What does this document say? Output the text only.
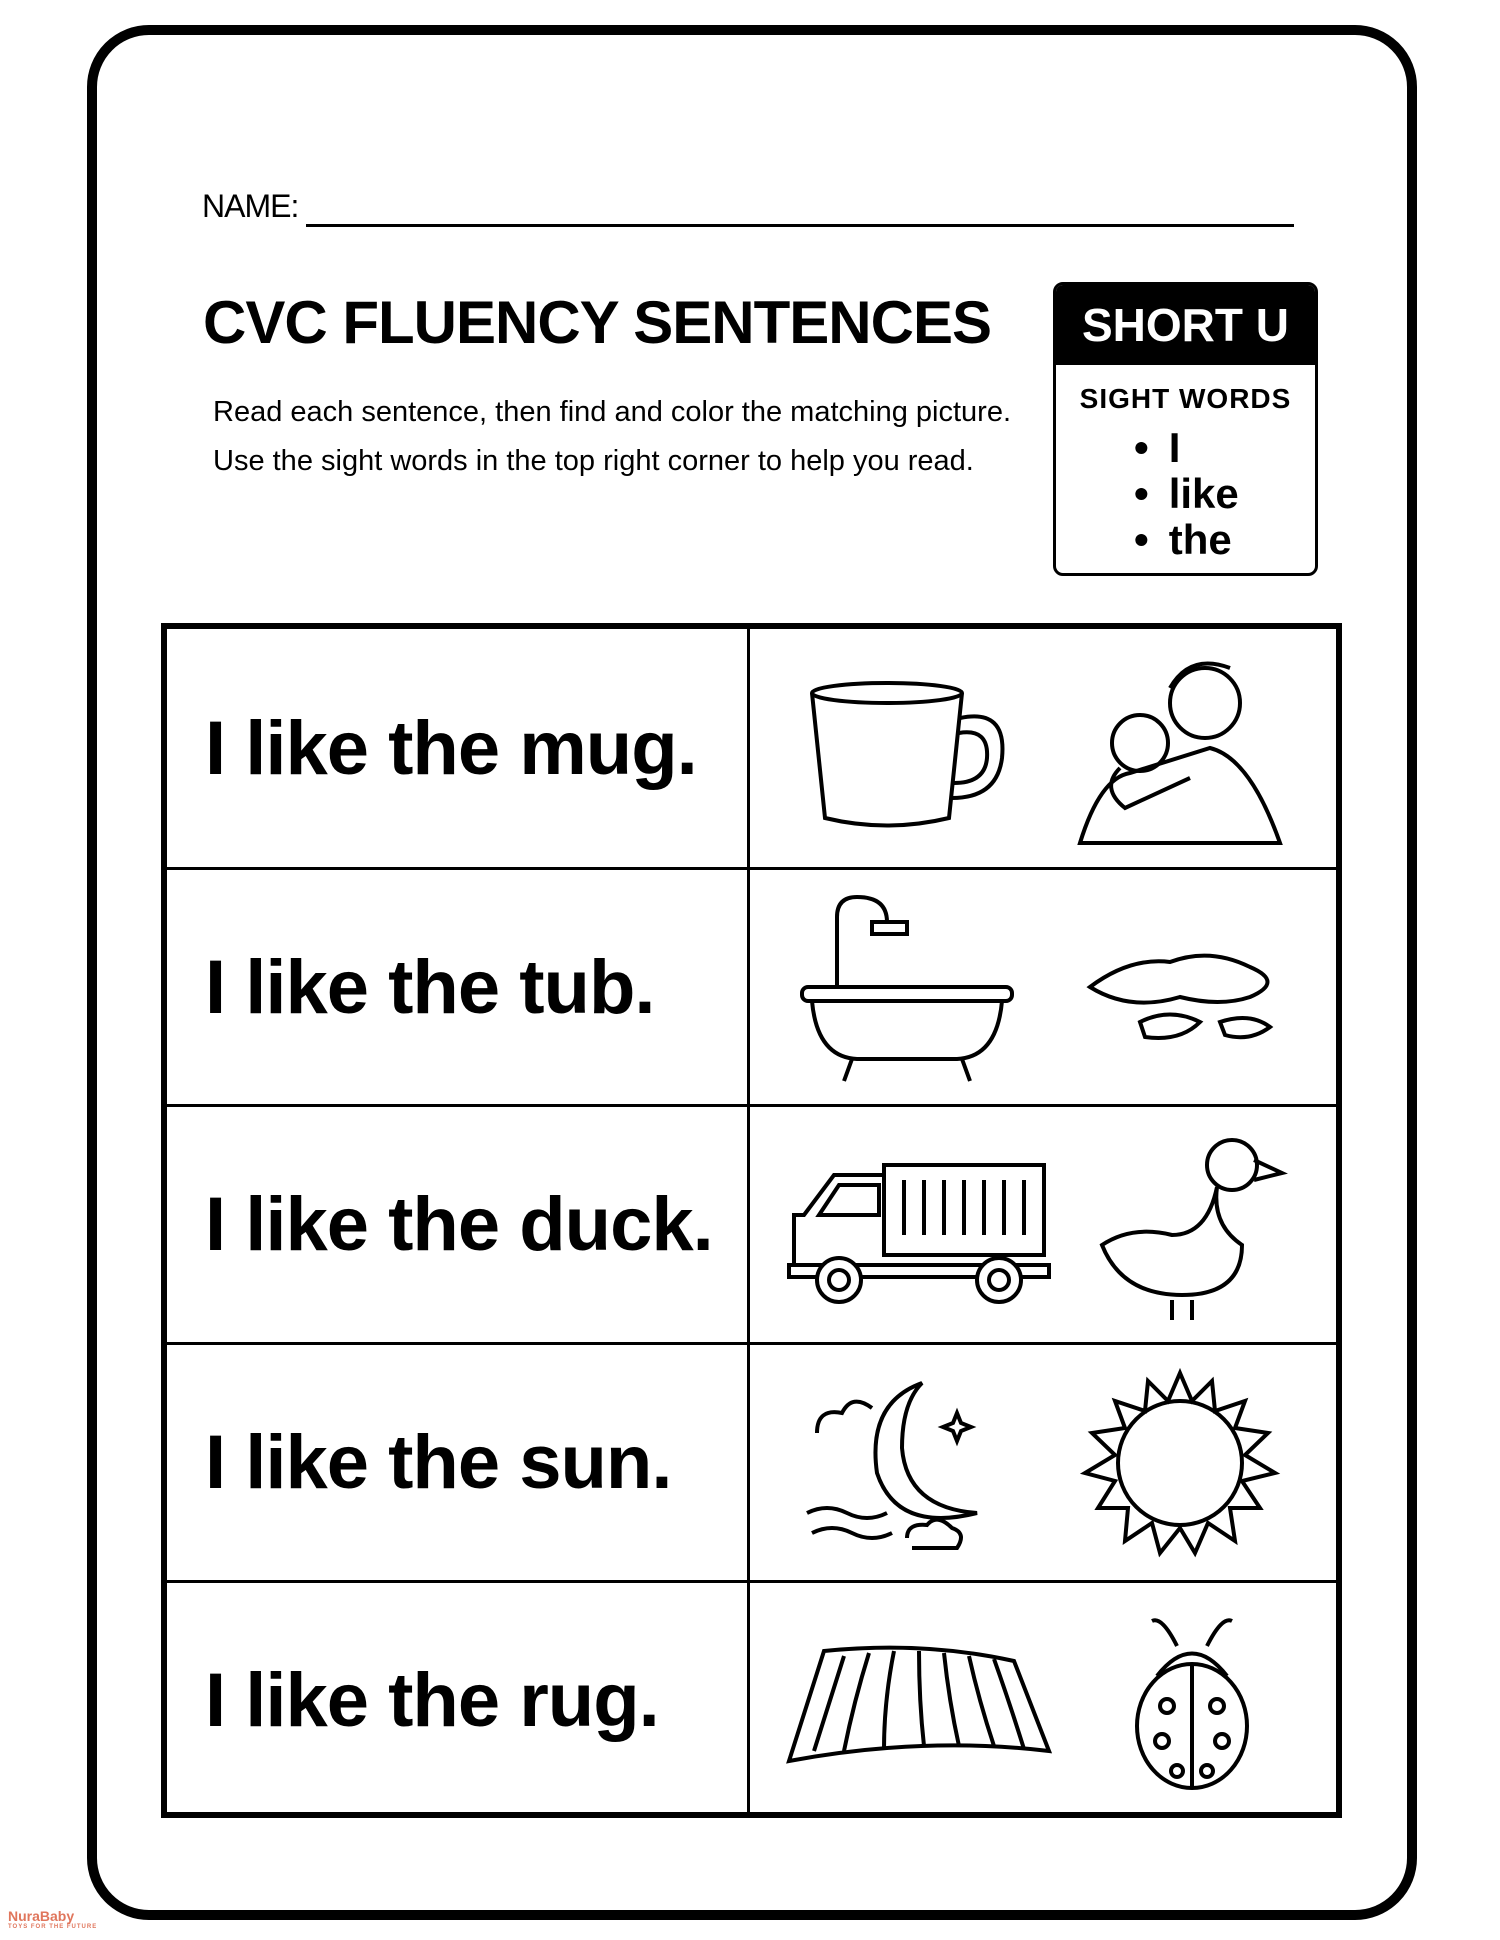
NAME:
CVC FLUENCY SENTENCES
Read each sentence, then find and color the matching picture. Use the sight words in the top right corner to help you read.
SHORT U
SIGHT WORDS
• I
• like
• the
I like the mug.
I like the tub.
I like the duck.
I like the sun.
I like the rug.
NuraBaby
TOYS FOR THE FUTURE
